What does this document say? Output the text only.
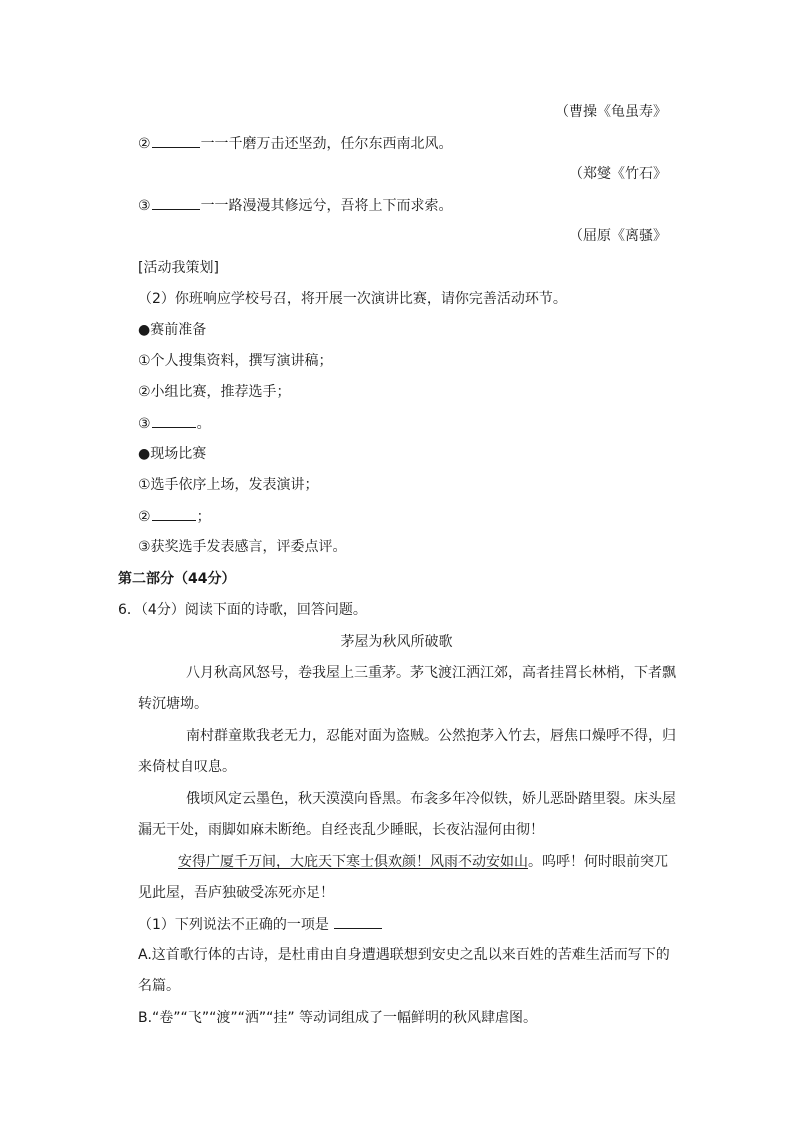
（曹操《龟虽寿》
②	一一千磨万击还坚劲，任尔东西南北风。
（郑燮《竹石》
③	一一路漫漫其修远兮，吾将上下而求索。
（屈原《离骚》
[活动我策划]
（2）你班响应学校号召，将开展一次演讲比赛，请你完善活动环节。
●赛前准备
①个人搜集资料，撰写演讲稿；
②小组比赛，推荐选手；
③	。
●现场比赛
①选手依序上场，发表演讲；
②	；
③获奖选手发表感言，评委点评。
第二部分（44分）
6．（4分）阅读下面的诗歌，回答问题。
茅屋为秋风所破歌
八月秋高风怒号，卷我屋上三重茅。茅飞渡江洒江郊，高者挂罥长林梢，下者飘
转沉塘坳。
南村群童欺我老无力，忍能对面为盗贼。公然抱茅入竹去，唇焦口燥呼不得，归
来倚杖自叹息。
俄顷风定云墨色，秋天漠漠向昏黑。布衾多年冷似铁，娇儿恶卧踏里裂。床头屋
漏无干处，雨脚如麻未断绝。自经丧乱少睡眠，长夜沾湿何由彻！
安得广厦千万间，大庇天下寒士俱欢颜！风雨不动安如山。呜呼！何时眼前突兀
见此屋，吾庐独破受冻死亦足！
（1）下列说法不正确的一项是
A.这首歌行体的古诗，是杜甫由自身遭遇联想到安史之乱以来百姓的苦难生活而写下的
名篇。
B.“卷”“飞”“渡”“洒”“挂” 等动词组成了一幅鲜明的秋风肆虐图。
